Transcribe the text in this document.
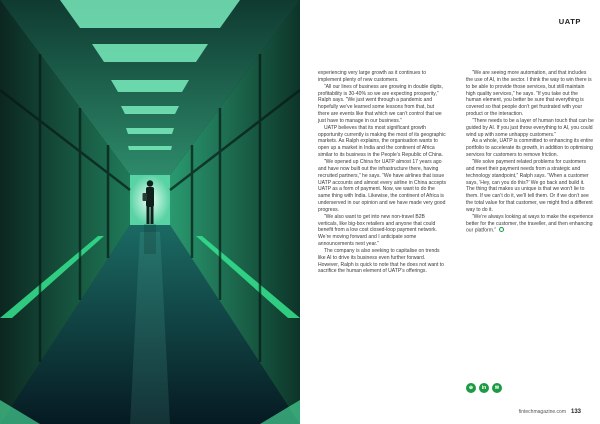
UATP

experiencing very large growth as it continues to implement plenty of new customers.

“All our lines of business are growing in double digits, profitability is 30-40% so we are expecting prosperity,” Ralph says. “We just went through a pandemic and hopefully we’ve learned some lessons from that, but there are events like that which we can’t control that we just have to manage in our business.”

UATP believes that its most significant growth opportunity currently is making the most of its geographic markets. As Ralph explains, the organisation wants to open up a market in India and the continent of Africa similar to its business in the People’s Republic of China.

“We opened up China for UATP almost 17 years ago and have now built out the infrastructure there, having recruited partners,” he says. “We have airlines that issue UATP accounts and almost every airline in China accepts UATP as a form of payment. Now, we want to do the same thing with India. Likewise, the continent of Africa is underserved in our opinion and we have made very good progress.

“We also want to get into new non-travel B2B verticals, like big-box retailers and anyone that could benefit from a low cost closed-loop payment network. We’re moving forward and I anticipate some announcements next year.”

The company is also seeking to capitalise on trends like AI to drive its business even further forward. However, Ralph is quick to note that he does not want to sacrifice the human element of UATP’s offerings.

“We are seeing more automation, and that includes the use of AI, in the sector. I think the way to win there is to be able to provide those services, but still maintain high quality services,” he says. “If you take out the human element, you better be sure that everything is covered so that people don’t get frustrated with your product or the interaction.

“There needs to be a layer of human touch that can be guided by AI. If you just throw everything to AI, you could wind up with some unhappy customers.”

As a whole, UATP is committed to enhancing its entire portfolio to accelerate its growth, in addition to optimising services for customers to remove friction.

“We solve payment related problems for customers and meet their payment needs from a strategic and technology standpoint,” Ralph says. “When a customer says, ‘Hey, can you do this?’ We go back and build it. The thing that makes us unique is that we won’t lie to them. If we can’t do it, we’ll tell them. Or if we don’t see the total value for that customer, we might find a different way to do it.

“We’re always looking at ways to make the experience better for the customer, the traveller, and then enhancing our platform.”

⊕	in	✉
fintechmagazine.com 133
